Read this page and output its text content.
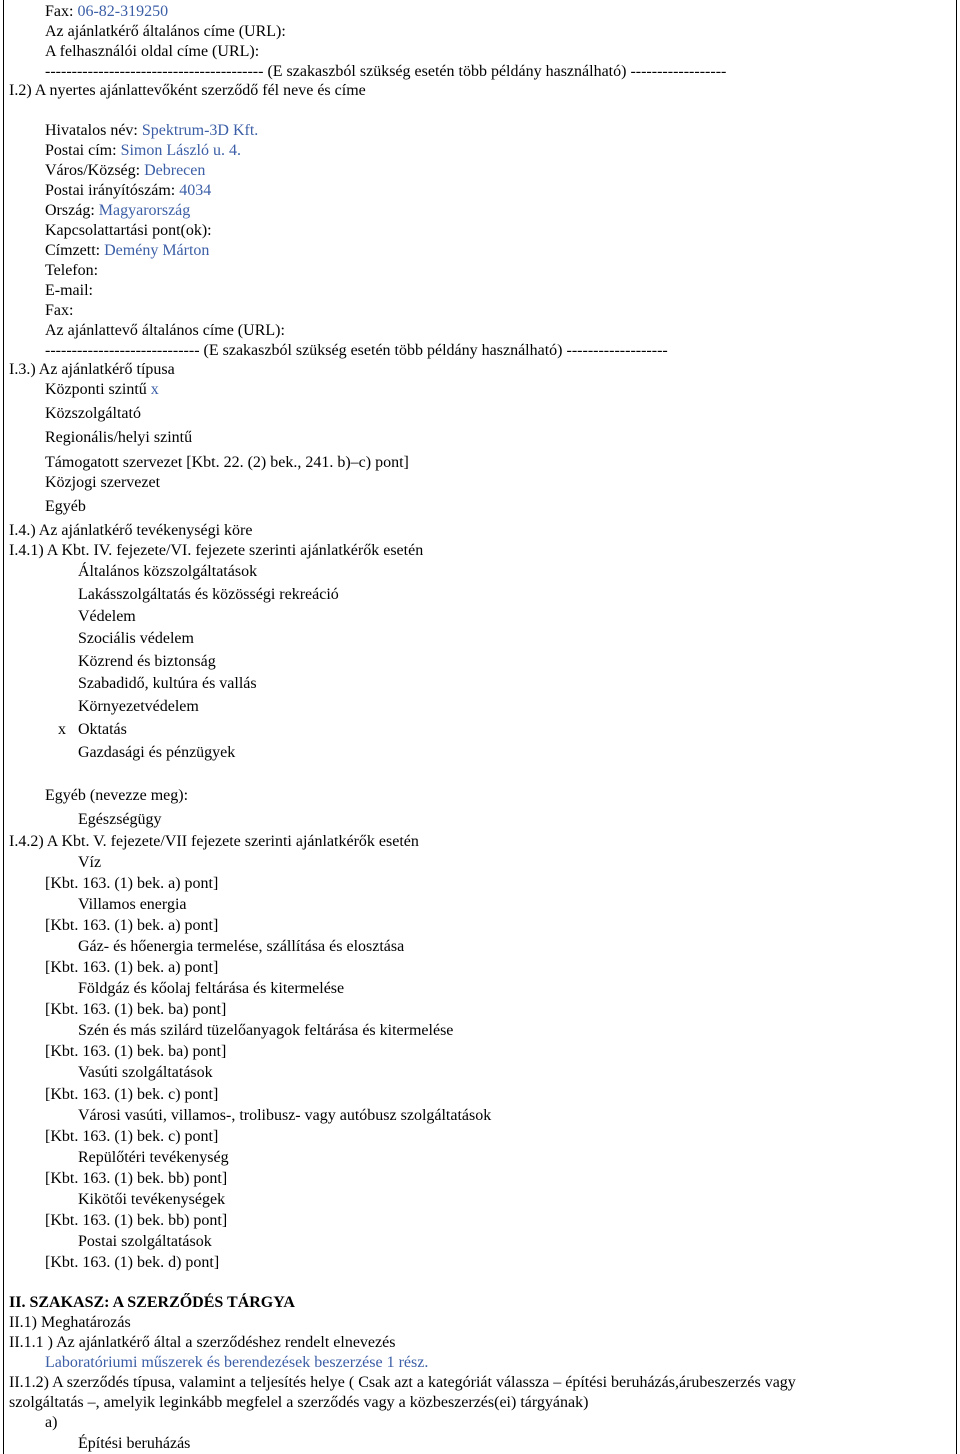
Fax: 06-82-319250
Az ajánlatkérő általános címe (URL):
A felhasználói oldal címe (URL):
----------------------------------------- (E szakaszból szükség esetén több példány használható) ------------------
I.2) A nyertes ajánlattevőként szerződő fél neve és címe
Hivatalos név: Spektrum-3D Kft.
Postai cím: Simon László u. 4.
Város/Község: Debrecen
Postai irányítószám: 4034
Ország: Magyarország
Kapcsolattartási pont(ok):
Címzett: Demény Márton
Telefon:
E-mail:
Fax:
Az ajánlattevő általános címe (URL):
----------------------------- (E szakaszból szükség esetén több példány használható) -------------------
I.3.) Az ajánlatkérő típusa
Központi szintű x
Közszolgáltató
Regionális/helyi szintű
Támogatott szervezet [Kbt. 22. (2) bek., 241. b)–c) pont]
Közjogi szervezet
Egyéb
I.4.) Az ajánlatkérő tevékenységi köre
I.4.1) A Kbt. IV. fejezete/VI. fejezete szerinti ajánlatkérők esetén
Általános közszolgáltatások
Lakásszolgáltatás és közösségi rekreáció
Védelem
Szociális védelem
Közrend és biztonság
Szabadidő, kultúra és vallás
Környezetvédelem
x Oktatás
Gazdasági és pénzügyek
Egyéb (nevezze meg):
Egészségügy
I.4.2) A Kbt. V. fejezete/VII fejezete szerinti ajánlatkérők esetén
Víz
[Kbt. 163. (1) bek. a) pont]
Villamos energia
[Kbt. 163. (1) bek. a) pont]
Gáz- és hőenergia termelése, szállítása és elosztása
[Kbt. 163. (1) bek. a) pont]
Földgáz és kőolaj feltárása és kitermelése
[Kbt. 163. (1) bek. ba) pont]
Szén és más szilárd tüzelőanyagok feltárása és kitermelése
[Kbt. 163. (1) bek. ba) pont]
Vasúti szolgáltatások
[Kbt. 163. (1) bek. c) pont]
Városi vasúti, villamos-, trolibusz- vagy autóbusz szolgáltatások
[Kbt. 163. (1) bek. c) pont]
Repülőtéri tevékenység
[Kbt. 163. (1) bek. bb) pont]
Kikötői tevékenységek
[Kbt. 163. (1) bek. bb) pont]
Postai szolgáltatások
[Kbt. 163. (1) bek. d) pont]
II. SZAKASZ: A SZERZŐDÉS TÁRGYA
II.1) Meghatározás
II.1.1 ) Az ajánlatkérő által a szerződéshez rendelt elnevezés
Laboratóriumi műszerek és berendezések beszerzése 1 rész.
II.1.2) A szerződés típusa, valamint a teljesítés helye ( Csak azt a kategóriát válassza – építési beruházás,árubeszerzés vagy
szolgáltatás –, amelyik leginkább megfelel a szerződés vagy a közbeszerzés(ei) tárgyának)
a)
Építési beruházás
